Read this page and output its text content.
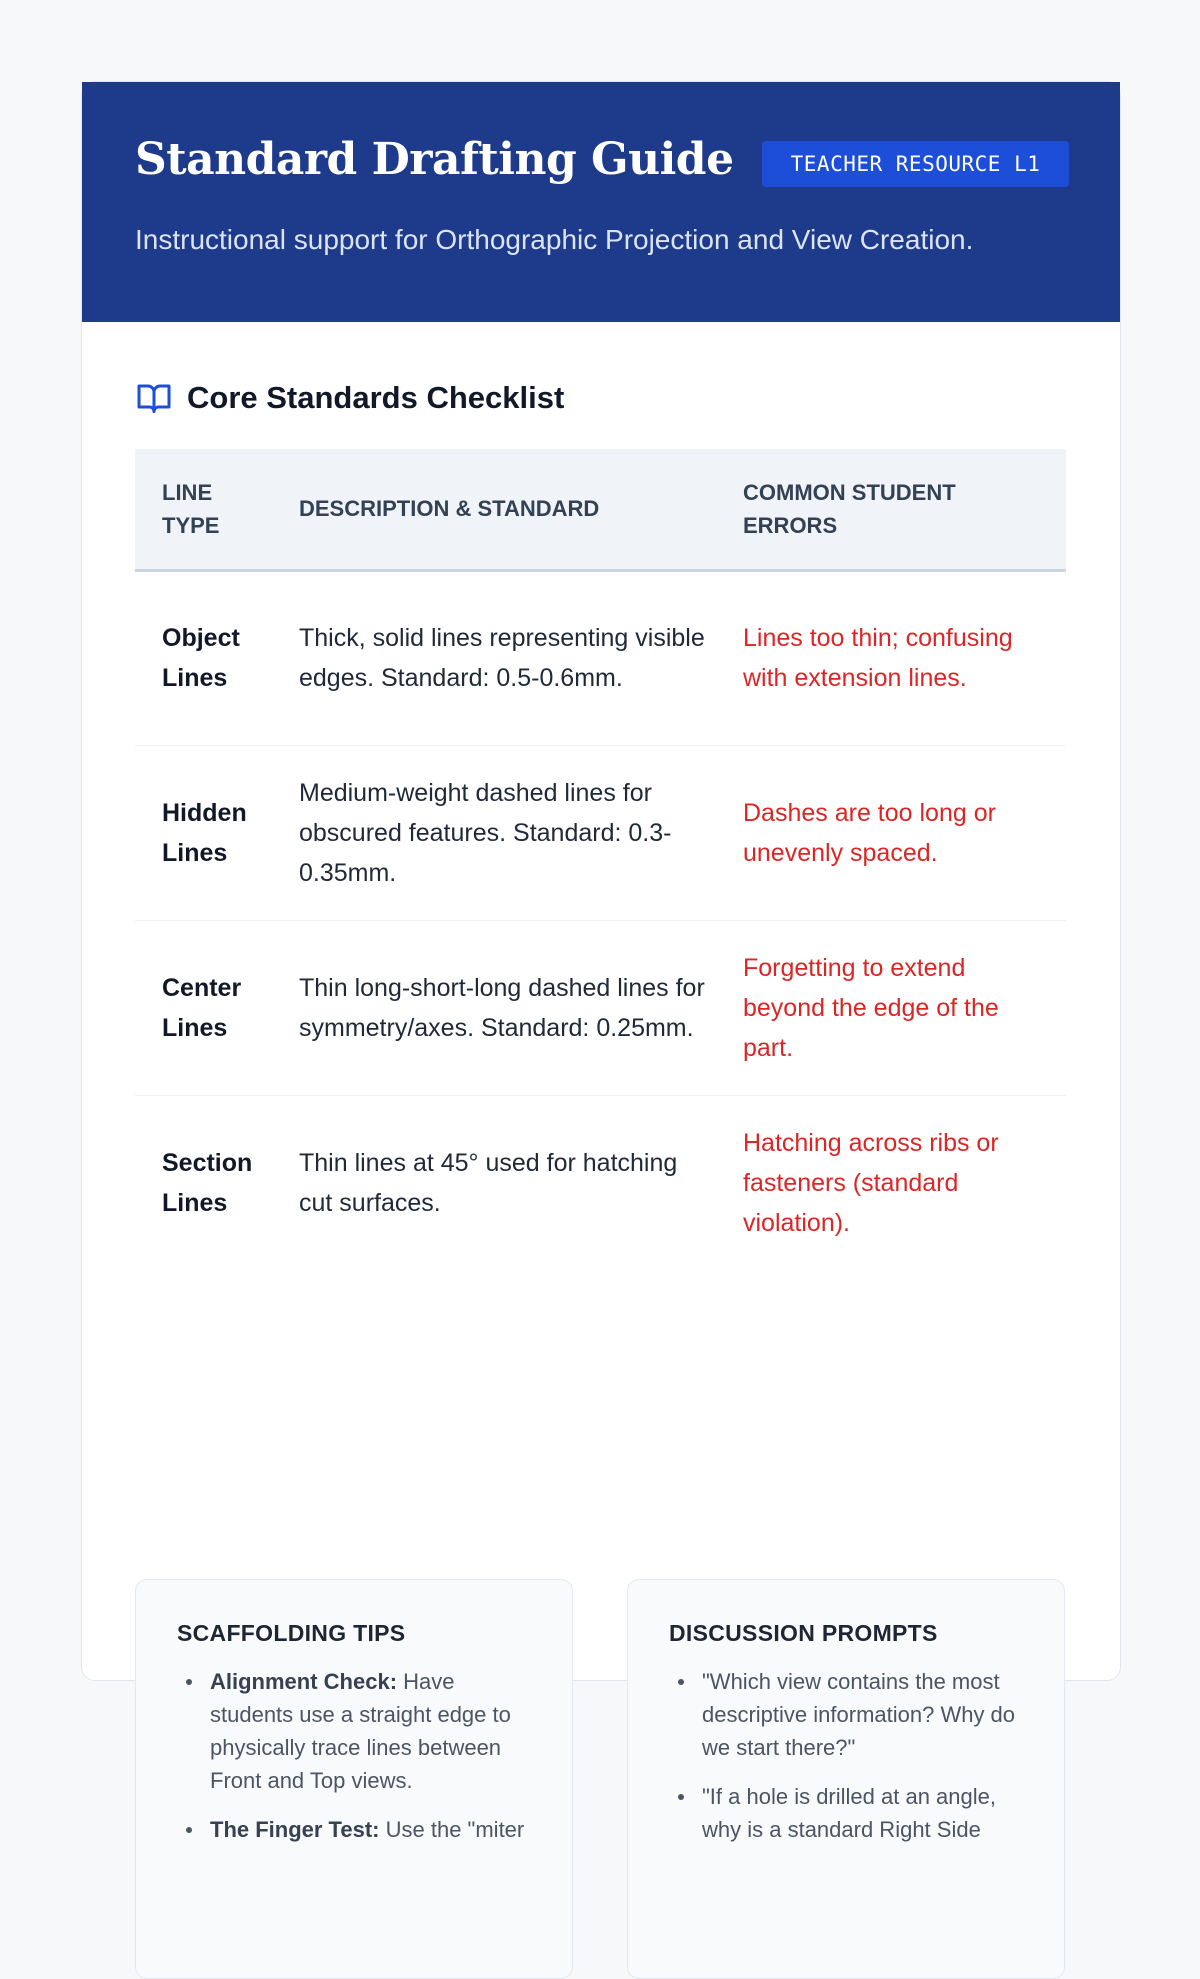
Standard Drafting Guide	TEACHER RESOURCE L1

Instructional support for Orthographic Projection and View Creation.

Core Standards Checklist
LINE TYPE	DESCRIPTION & STANDARD	COMMON STUDENT ERRORS
Object Lines	Thick, solid lines representing visible edges. Standard: 0.5-0.6mm.	Lines too thin; confusing with extension lines.
Hidden Lines	Medium-weight dashed lines for obscured features. Standard: 0.3-0.35mm.	Dashes are too long or unevenly spaced.
Center Lines	Thin long-short-long dashed lines for symmetry/axes. Standard: 0.25mm.	Forgetting to extend beyond the edge of the part.
Section Lines	Thin lines at 45° used for hatching cut surfaces.	Hatching across ribs or fasteners (standard violation).
SCAFFOLDING TIPS
Alignment Check: Have students use a straight edge to physically trace lines between Front and Top views.
The Finger Test: Use the "miter
DISCUSSION PROMPTS
"Which view contains the most descriptive information? Why do we start there?"
"If a hole is drilled at an angle, why is a standard Right Side
